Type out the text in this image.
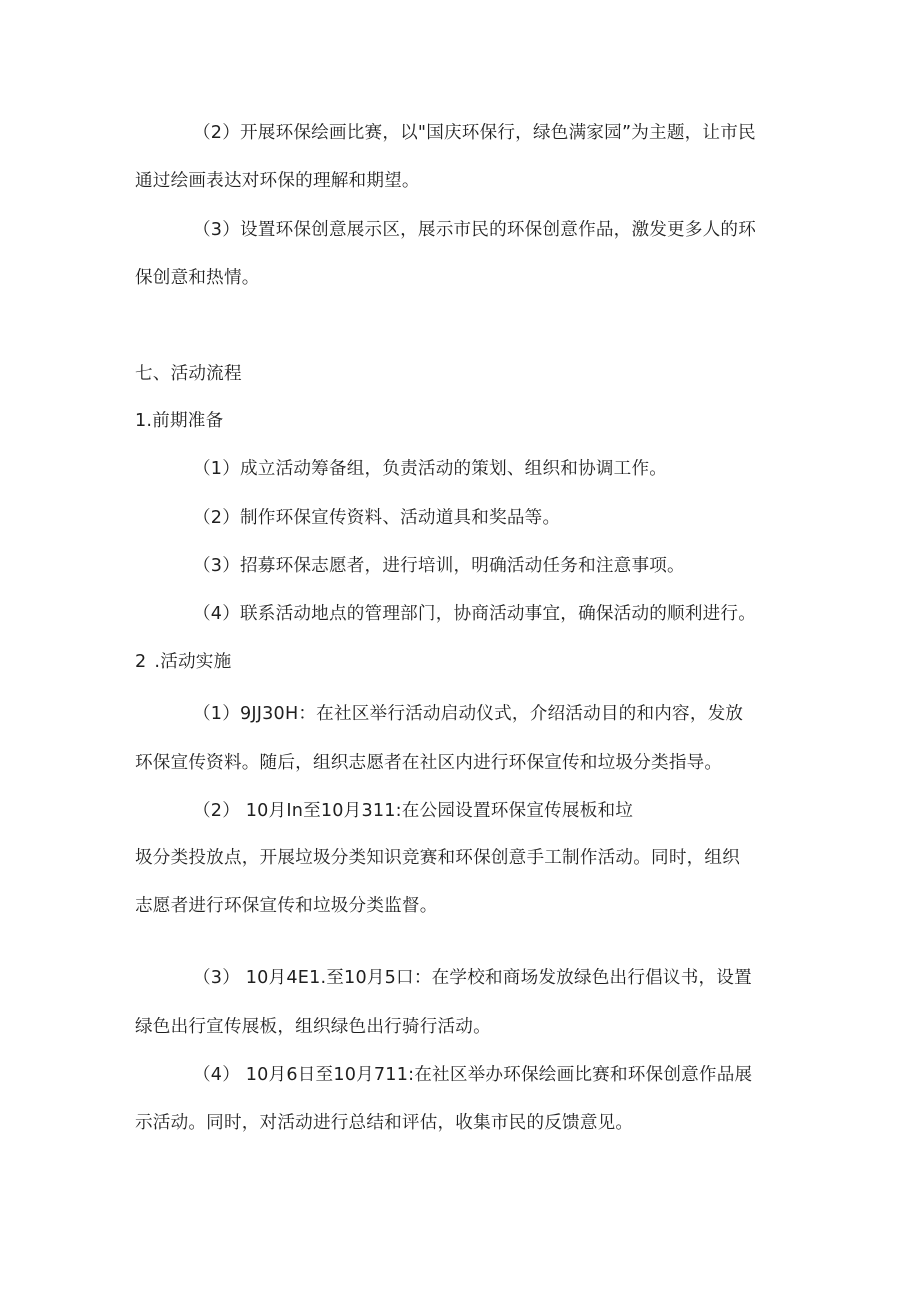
（2）开展环保绘画比赛，以"国庆环保行，绿色满家园”为主题，让市民

通过绘画表达对环保的理解和期望。

（3）设置环保创意展示区，展示市民的环保创意作品，激发更多人的环

保创意和热情。

七、活动流程

1.前期准备

（1）成立活动筹备组，负责活动的策划、组织和协调工作。

（2）制作环保宣传资料、活动道具和奖品等。

（3）招募环保志愿者，进行培训，明确活动任务和注意事项。

（4）联系活动地点的管理部门，协商活动事宜，确保活动的顺利进行。

2 .活动实施

（1）9JJ30H：在社区举行活动启动仪式，介绍活动目的和内容，发放

环保宣传资料。随后，组织志愿者在社区内进行环保宣传和垃圾分类指导。

（2） 10月In至10月311:在公园设置环保宣传展板和垃

圾分类投放点，开展垃圾分类知识竞赛和环保创意手工制作活动。同时，组织

志愿者进行环保宣传和垃圾分类监督。

（3） 10月4E1.至10月5口：在学校和商场发放绿色出行倡议书，设置

绿色出行宣传展板，组织绿色出行骑行活动。

（4） 10月6日至10月711:在社区举办环保绘画比赛和环保创意作品展

示活动。同时，对活动进行总结和评估，收集市民的反馈意见。
